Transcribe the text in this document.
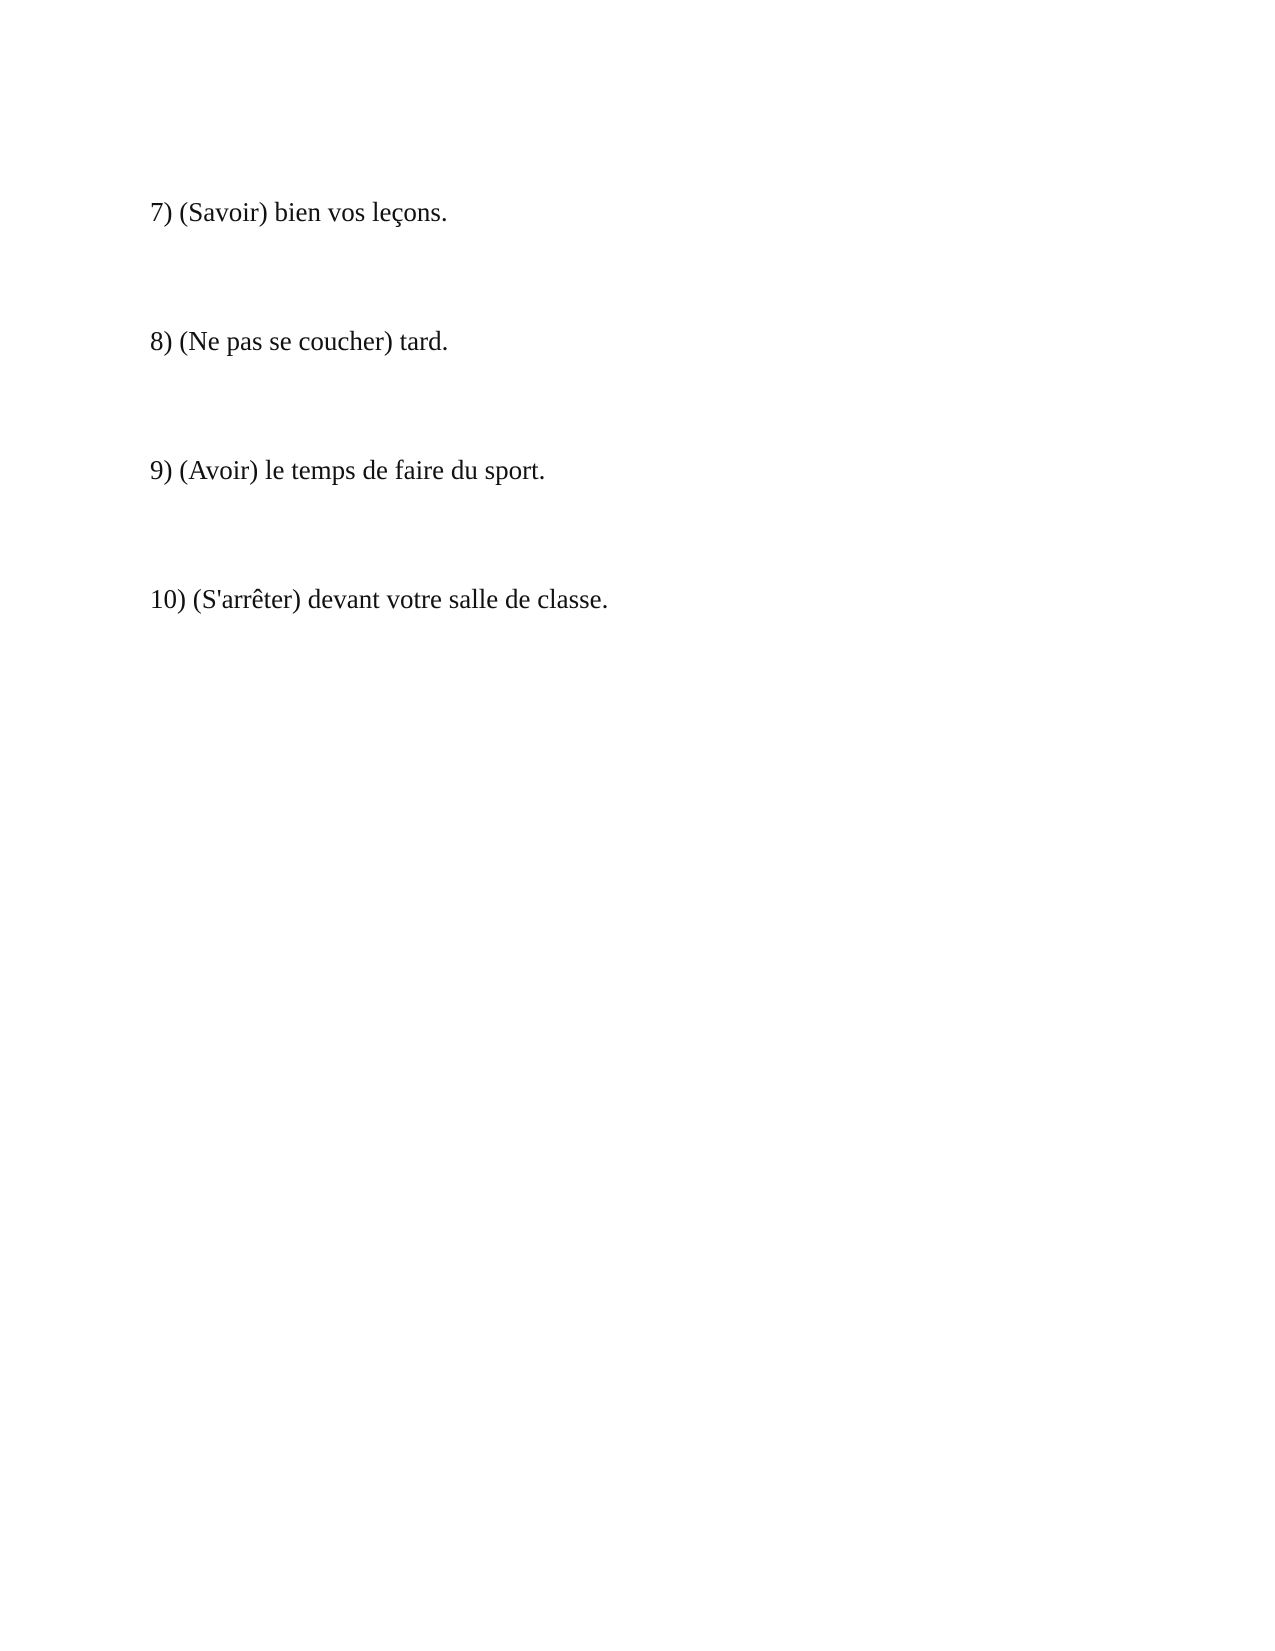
7) (Savoir) bien vos leçons.
8) (Ne pas se coucher) tard.
9) (Avoir) le temps de faire du sport.
10) (S'arrêter) devant votre salle de classe.
